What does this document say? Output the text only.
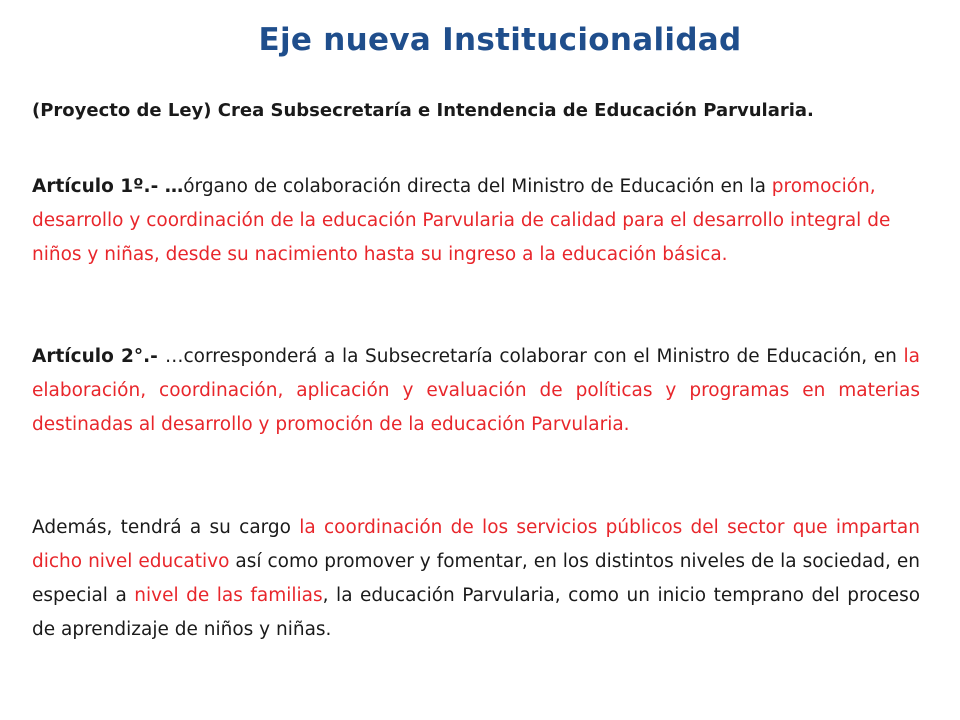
Eje nueva Institucionalidad

(Proyecto de Ley) Crea Subsecretaría e Intendencia de Educación Parvularia.

Artículo 1º.- …órgano de colaboración directa del Ministro de Educación en la promoción, desarrollo y coordinación de la educación Parvularia de calidad para el desarrollo integral de niños y niñas, desde su nacimiento hasta su ingreso a la educación básica.

Artículo 2°.- …corresponderá a la Subsecretaría colaborar con el Ministro de Educación, en la elaboración, coordinación, aplicación y evaluación de políticas y programas en materias destinadas al desarrollo y promoción de la educación Parvularia.

Además, tendrá a su cargo la coordinación de los servicios públicos del sector que impartan dicho nivel educativo así como promover y fomentar, en los distintos niveles de la sociedad, en especial a nivel de las familias, la educación Parvularia, como un inicio temprano del proceso de aprendizaje de niños y niñas.
